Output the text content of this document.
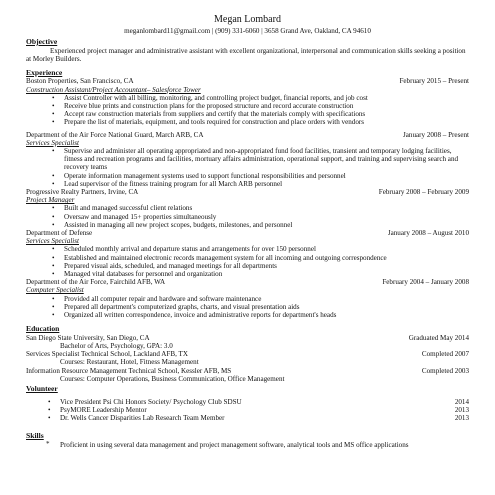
Megan Lombard
meganlombard11@gmail.com | (909) 331-6060 | 3658 Grand Ave, Oakland, CA 94610
Objective
Experienced project manager and administrative assistant with excellent organizational, interpersonal and communication skills seeking a position at Morley Builders.
Experience
Boston Properties, San Francisco, CA	February 2015 – Present
Construction Assistant/Project Accountant– Salesforce Tower
• Assist Controller with all billing, monitoring, and controlling project budget, financial reports, and job cost
• Receive blue prints and construction plans for the proposed structure and record accurate construction
• Accept raw construction materials from suppliers and certify that the materials comply with specifications
• Prepare the list of materials, equipment, and tools required for construction and place orders with vendors
Department of the Air Force National Guard, March ARB, CA	January 2008 – Present
Services Specialist
• Supervise and administer all operating appropriated and non-appropriated fund food facilities, transient and temporary lodging facilities, fitness and recreation programs and facilities, mortuary affairs administration, operational support, and training and supervising search and recovery teams
• Operate information management systems used to support functional responsibilities and personnel
• Lead supervisor of the fitness training program for all March ARB personnel
Progressive Realty Partners, Irvine, CA	February 2008 – February 2009
Project Manager
• Built and managed successful client relations
• Oversaw and managed 15+ properties simultaneously
• Assisted in managing all new project scopes, budgets, milestones, and personnel
Department of Defense	January 2008 – August 2010
Services Specialist
• Scheduled monthly arrival and departure status and arrangements for over 150 personnel
• Established and maintained electronic records management system for all incoming and outgoing correspondence
• Prepared visual aids, scheduled, and managed meetings for all departments
• Managed vital databases for personnel and organization
Department of the Air Force, Fairchild AFB, WA	February 2004 – January 2008
Computer Specialist
• Provided all computer repair and hardware and software maintenance
• Prepared all department's computerized graphs, charts, and visual presentation aids
• Organized all written correspondence, invoice and administrative reports for department's heads
Education
San Diego State University, San Diego, CA	Graduated May 2014
Bachelor of Arts, Psychology, GPA: 3.0
Services Specialist Technical School, Lackland AFB, TX	Completed 2007
Courses: Restaurant, Hotel, Fitness Management
Information Resource Management Technical School, Kessler AFB, MS	Completed 2003
Courses: Computer Operations, Business Communication, Office Management
Volunteer
• Vice President Psi Chi Honors Society/ Psychology Club SDSU	2014
• PsyMORE Leadership Mentor	2013
• Dr. Wells Cancer Disparities Lab Research Team Member	2013
Skills
* Proficient in using several data management and project management software, analytical tools and MS office applications
